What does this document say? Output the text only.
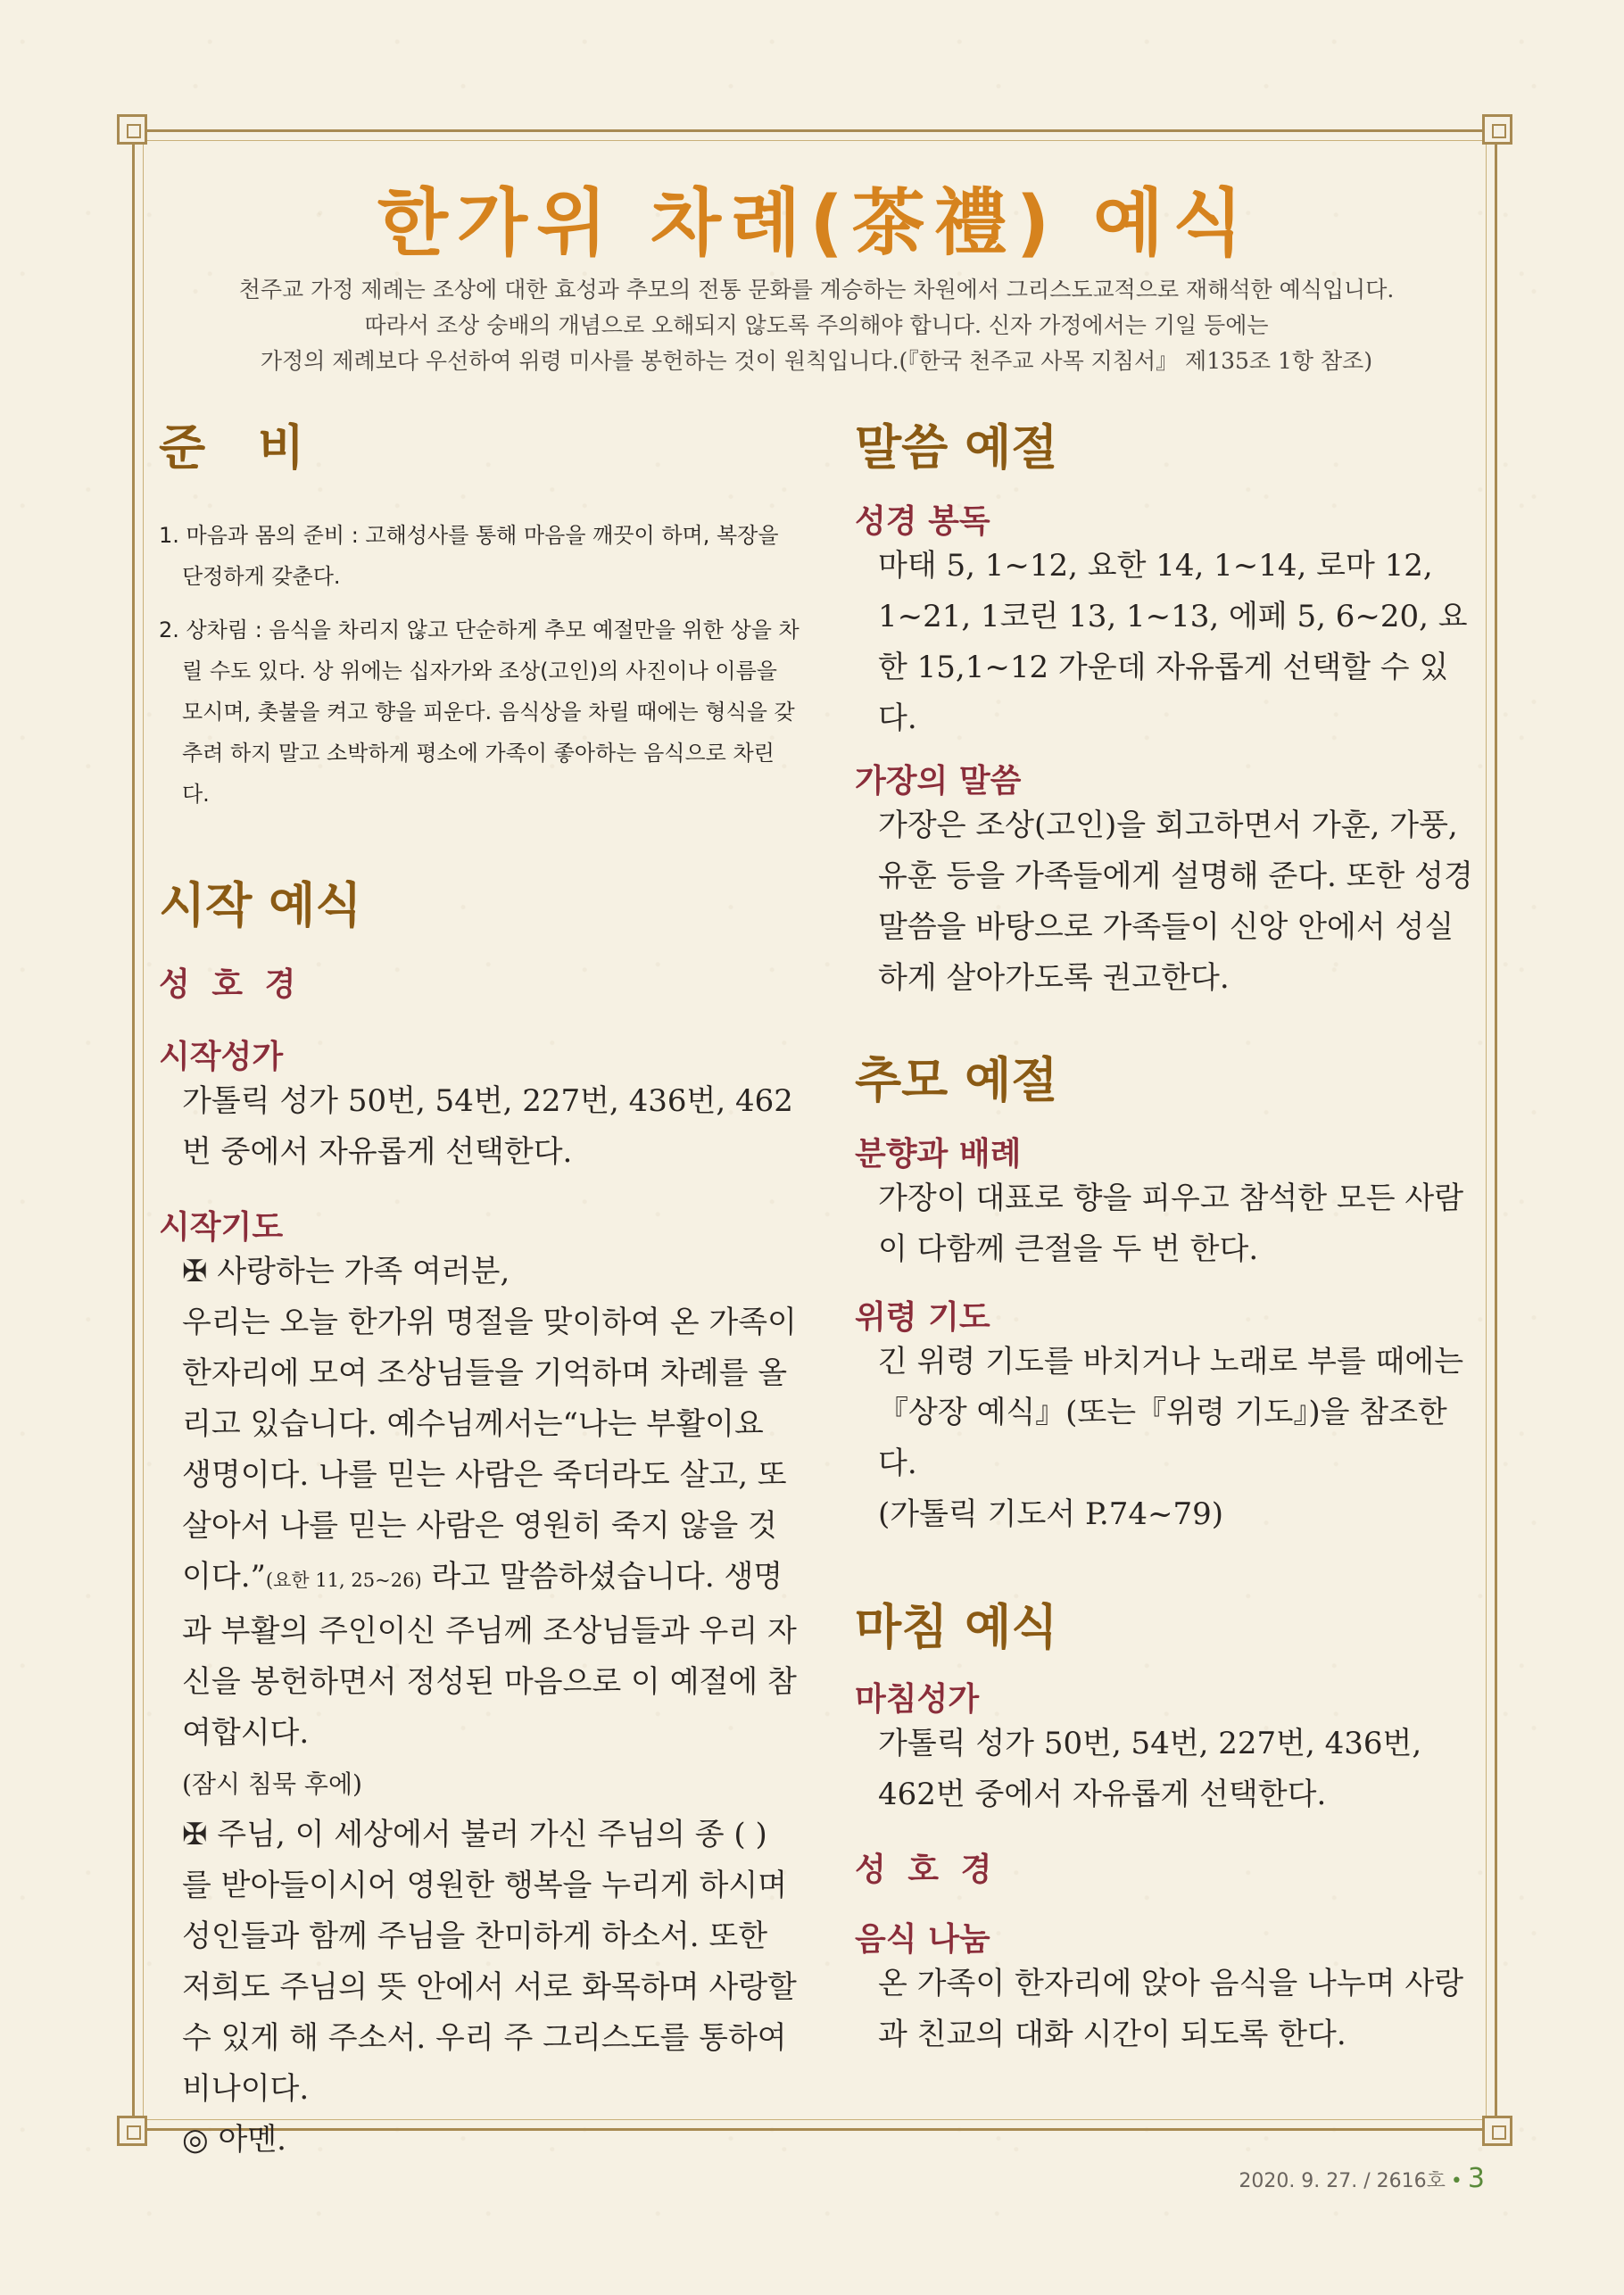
한가위 차례(茶禮) 예식

천주교 가정 제례는 조상에 대한 효성과 추모의 전통 문화를 계승하는 차원에서 그리스도교적으로 재해석한 예식입니다.

따라서 조상 숭배의 개념으로 오해되지 않도록 주의해야 합니다. 신자 가정에서는 기일 등에는

가정의 제례보다 우선하여 위령 미사를 봉헌하는 것이 원칙입니다.(『한국 천주교 사목 지침서』 제135조 1항 참조)

준 비
1. 마음과 몸의 준비 : 고해성사를 통해 마음을 깨끗이 하며, 복장을 단정하게 갖춘다.
2. 상차림 : 음식을 차리지 않고 단순하게 추모 예절만을 위한 상을 차릴 수도 있다. 상 위에는 십자가와 조상(고인)의 사진이나 이름을 모시며, 촛불을 켜고 향을 피운다. 음식상을 차릴 때에는 형식을 갖추려 하지 말고 소박하게 평소에 가족이 좋아하는 음식으로 차린다.
시작 예식
성 호 경
시작성가
가톨릭 성가 50번, 54번, 227번, 436번, 462번 중에서 자유롭게 선택한다.
시작기도

✠ 사랑하는 가족 여러분,

우리는 오늘 한가위 명절을 맞이하여 온 가족이 한자리에 모여 조상님들을 기억하며 차례를 올리고 있습니다. 예수님께서는“나는 부활이요 생명이다. 나를 믿는 사람은 죽더라도 살고, 또 살아서 나를 믿는 사람은 영원히 죽지 않을 것이다.”(요한 11, 25~26) 라고 말씀하셨습니다. 생명과 부활의 주인이신 주님께 조상님들과 우리 자신을 봉헌하면서 정성된 마음으로 이 예절에 참여합시다.

(잠시 침묵 후에)

✠ 주님, 이 세상에서 불러 가신 주님의 종 ( ) 를 받아들이시어 영원한 행복을 누리게 하시며 성인들과 함께 주님을 찬미하게 하소서. 또한 저희도 주님의 뜻 안에서 서로 화목하며 사랑할 수 있게 해 주소서. 우리 주 그리스도를 통하여 비나이다.

◎ 아멘.

말씀 예절
성경 봉독
마태 5, 1~12, 요한 14, 1~14, 로마 12, 1~21, 1코린 13, 1~13, 에페 5, 6~20, 요한 15,1~12 가운데 자유롭게 선택할 수 있다.
가장의 말씀
가장은 조상(고인)을 회고하면서 가훈, 가풍, 유훈 등을 가족들에게 설명해 준다. 또한 성경 말씀을 바탕으로 가족들이 신앙 안에서 성실하게 살아가도록 권고한다.
추모 예절
분향과 배례
가장이 대표로 향을 피우고 참석한 모든 사람이 다함께 큰절을 두 번 한다.
위령 기도

긴 위령 기도를 바치거나 노래로 부를 때에는 『상장 예식』(또는『위령 기도』)을 참조한다.

(가톨릭 기도서 P.74~79)

마침 예식
마침성가
가톨릭 성가 50번, 54번, 227번, 436번, 462번 중에서 자유롭게 선택한다.
성 호 경
음식 나눔
온 가족이 한자리에 앉아 음식을 나누며 사랑과 친교의 대화 시간이 되도록 한다.
2020. 9. 27. / 2616호 • 3
